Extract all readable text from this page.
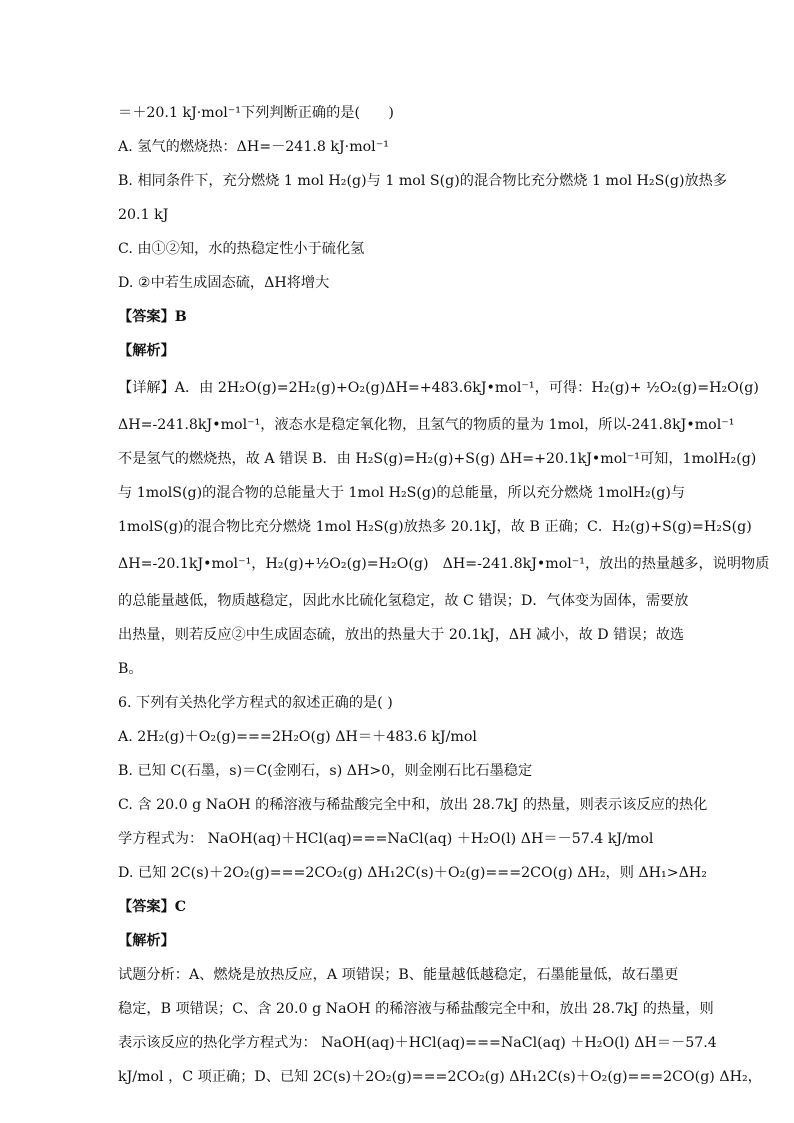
＝＋20.1 kJ·mol⁻¹下列判断正确的是(　　)
A. 氢气的燃烧热：ΔH=－241.8 kJ·mol⁻¹
B. 相同条件下，充分燃烧 1 mol H₂(g)与 1 mol S(g)的混合物比充分燃烧 1 mol H₂S(g)放热多
20.1 kJ
C. 由①②知，水的热稳定性小于硫化氢
D. ②中若生成固态硫，ΔH将增大
【答案】B
【解析】
【详解】A．由 2H₂O(g)=2H₂(g)+O₂(g)ΔH=+483.6kJ•mol⁻¹，可得：H₂(g)+ ½O₂(g)=H₂O(g)
ΔH=-241.8kJ•mol⁻¹，液态水是稳定氧化物，且氢气的物质的量为 1mol，所以-241.8kJ•mol⁻¹
不是氢气的燃烧热，故 A 错误 B．由 H₂S(g)=H₂(g)+S(g) ΔH=+20.1kJ•mol⁻¹可知，1molH₂(g)
与 1molS(g)的混合物的总能量大于 1mol H₂S(g)的总能量，所以充分燃烧 1molH₂(g)与
1molS(g)的混合物比充分燃烧 1mol H₂S(g)放热多 20.1kJ，故 B 正确；C．H₂(g)+S(g)=H₂S(g)
ΔH=-20.1kJ•mol⁻¹，H₂(g)+½O₂(g)=H₂O(g)　ΔH=-241.8kJ•mol⁻¹，放出的热量越多，说明物质
的总能量越低，物质越稳定，因此水比硫化氢稳定，故 C 错误；D．气体变为固体，需要放
出热量，则若反应②中生成固态硫，放出的热量大于 20.1kJ，ΔH 减小，故 D 错误；故选
B。
6. 下列有关热化学方程式的叙述正确的是( )
A. 2H₂(g)＋O₂(g)===2H₂O(g) ΔH＝＋483.6 kJ/mol
B. 已知 C(石墨，s)＝C(金刚石，s) ΔH>0，则金刚石比石墨稳定
C. 含 20.0 g NaOH 的稀溶液与稀盐酸完全中和，放出 28.7kJ 的热量，则表示该反应的热化
学方程式为： NaOH(aq)＋HCl(aq)===NaCl(aq) ＋H₂O(l) ΔH＝－57.4 kJ/mol
D. 已知 2C(s)＋2O₂(g)===2CO₂(g) ΔH₁2C(s)＋O₂(g)===2CO(g) ΔH₂，则 ΔH₁>ΔH₂
【答案】C
【解析】
试题分析：A、燃烧是放热反应，A 项错误；B、能量越低越稳定，石墨能量低，故石墨更
稳定，B 项错误；C、含 20.0 g NaOH 的稀溶液与稀盐酸完全中和，放出 28.7kJ 的热量，则
表示该反应的热化学方程式为： NaOH(aq)＋HCl(aq)===NaCl(aq) ＋H₂O(l) ΔH＝－57.4
kJ/mol ，C 项正确；D、已知 2C(s)＋2O₂(g)===2CO₂(g) ΔH₁2C(s)＋O₂(g)===2CO(g) ΔH₂，
